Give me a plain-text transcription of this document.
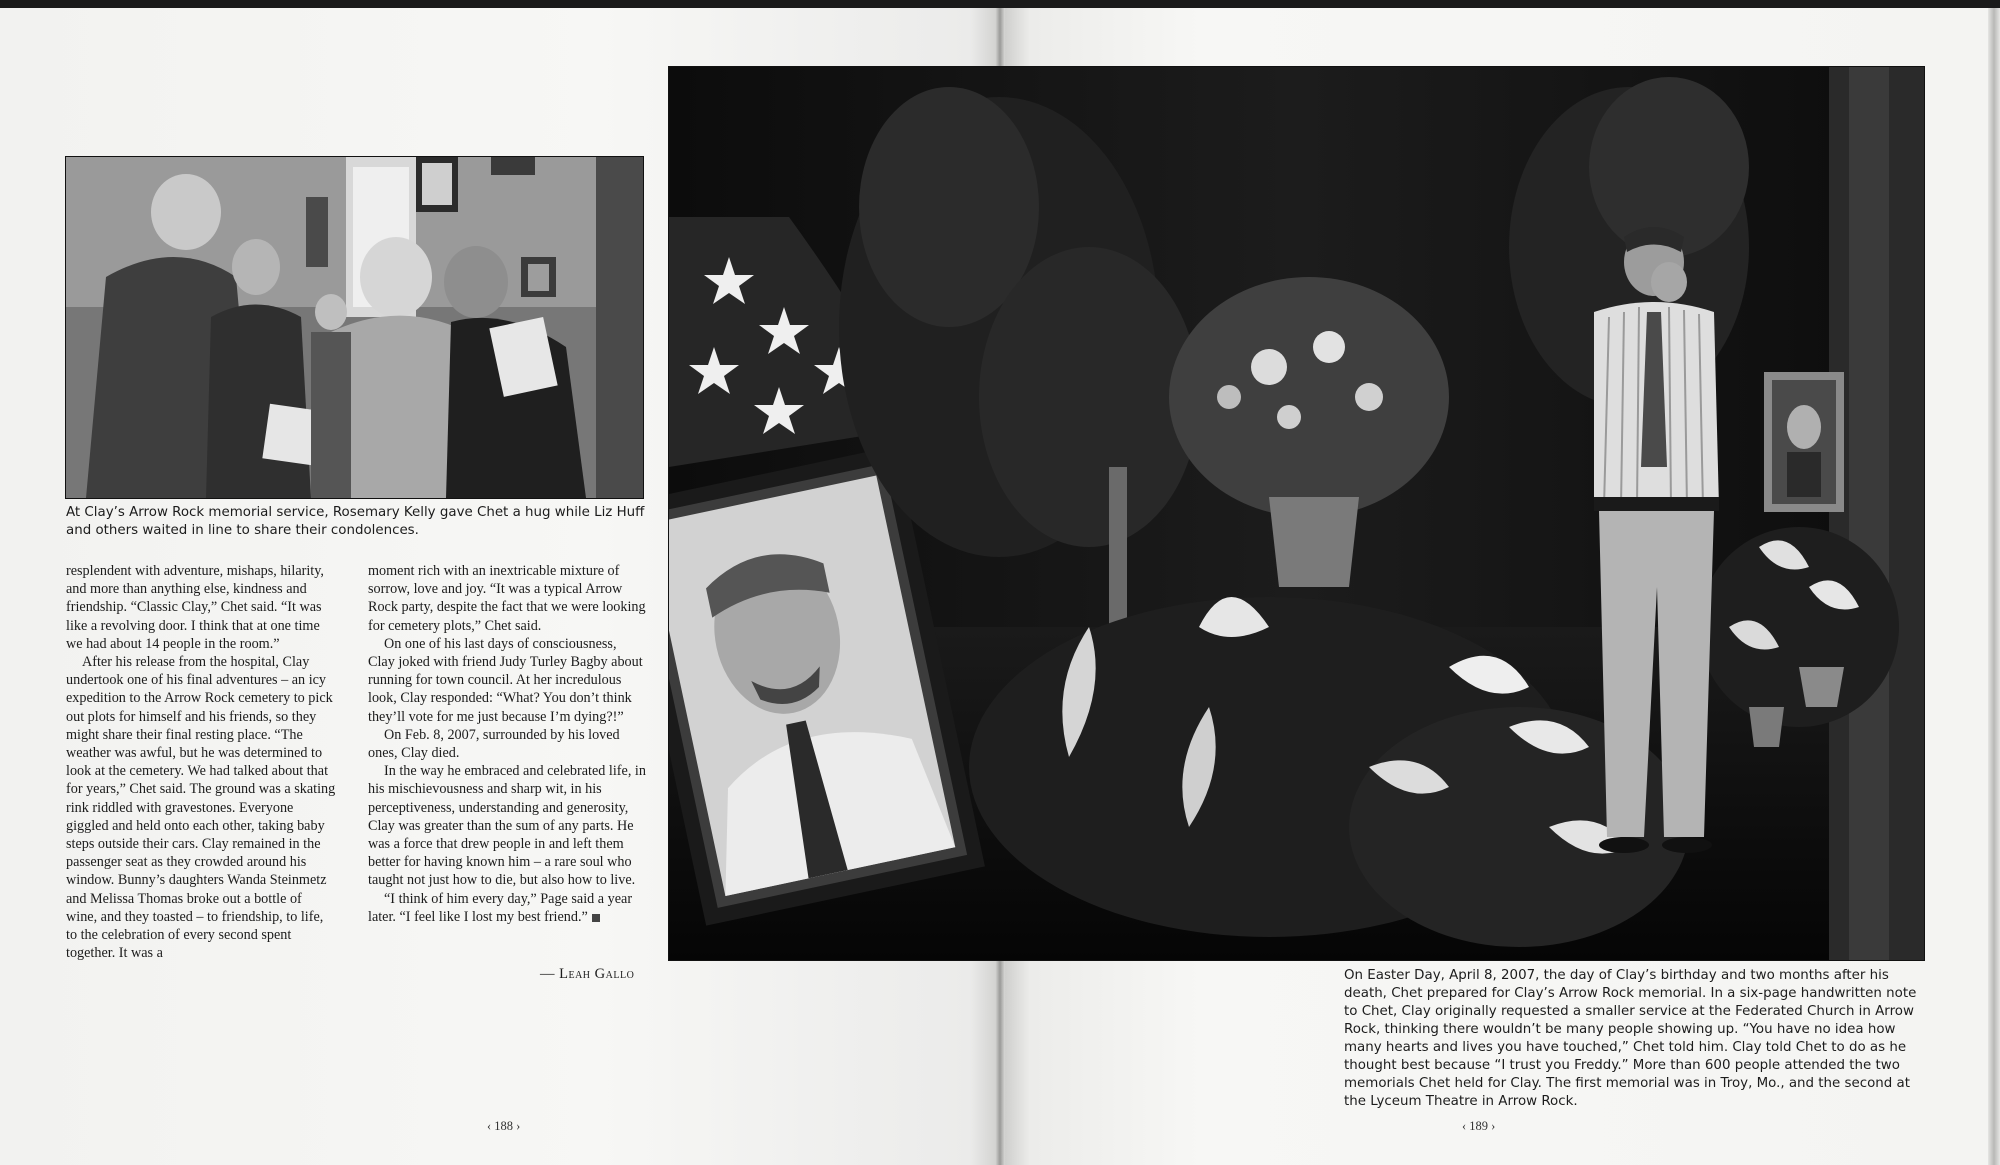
At Clay’s Arrow Rock memorial service, Rosemary Kelly gave Chet a hug while Liz Huff and others waited in line to share their condolences.

resplendent with adventure, mishaps, hilarity, and more than anything else, kindness and friendship. “Classic Clay,” Chet said. “It was like a revolving door. I think that at one time we had about 14 people in the room.”

After his release from the hospital, Clay undertook one of his final adventures – an icy expedition to the Arrow Rock cemetery to pick out plots for himself and his friends, so they might share their final resting place. “The weather was awful, but he was determined to look at the cemetery. We had talked about that for years,” Chet said. The ground was a skating rink riddled with gravestones. Everyone giggled and held onto each other, taking baby steps outside their cars. Clay remained in the passenger seat as they crowded around his window. Bunny’s daughters Wanda Steinmetz and Melissa Thomas broke out a bottle of wine, and they toasted – to friendship, to life, to the celebration of every second spent together. It was a

moment rich with an inextricable mixture of sorrow, love and joy. “It was a typical Arrow Rock party, despite the fact that we were looking for cemetery plots,” Chet said.

On one of his last days of consciousness, Clay joked with friend Judy Turley Bagby about running for town council. At her incredulous look, Clay responded: “What? You don’t think they’ll vote for me just because I’m dying?!”

On Feb. 8, 2007, surrounded by his loved ones, Clay died.

In the way he embraced and celebrated life, in his mischievousness and sharp wit, in his perceptiveness, understanding and generosity, Clay was greater than the sum of any parts. He was a force that drew people in and left them better for having known him – a rare soul who taught not just how to die, but also how to live.

“I think of him every day,” Page said a year later. “I feel like I lost my best friend.”

— Leah Gallo
‹ 188 ›
On Easter Day, April 8, 2007, the day of Clay’s birthday and two months after his death, Chet prepared for Clay’s Arrow Rock memorial. In a six-page handwritten note to Chet, Clay originally requested a smaller service at the Federated Church in Arrow Rock, thinking there wouldn’t be many people showing up. “You have no idea how many hearts and lives you have touched,” Chet told him. Clay told Chet to do as he thought best because “I trust you Freddy.” More than 600 people attended the two memorials Chet held for Clay. The first memorial was in Troy, Mo., and the second at the Lyceum Theatre in Arrow Rock.
‹ 189 ›
